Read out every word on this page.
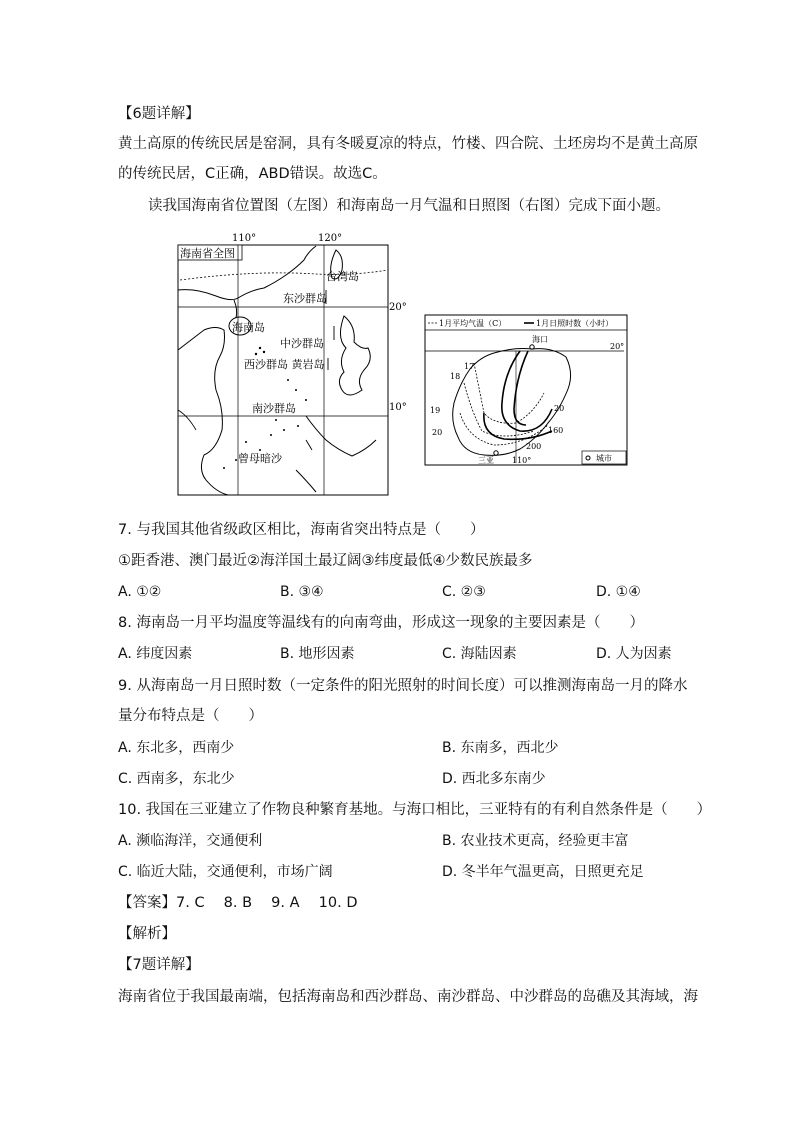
【6题详解】
黄土高原的传统民居是窑洞，具有冬暖夏凉的特点，竹楼、四合院、土坯房均不是黄土高原
的传统民居，C正确，ABD错误。故选C。
读我国海南省位置图（左图）和海南岛一月气温和日照图（右图）完成下面小题。
海南省全图
110°	120°
20°
10°
台湾岛
东沙群岛
海南岛
中沙群岛
西沙群岛 黄岩岛
南沙群岛
曾母暗沙
1月平均气温（C）	1月日照时数（小时）
20°
110°
海口
三亚
17
18
19
20
20
160
200
城市
7. 与我国其他省级政区相比，海南省突出特点是（　　）
①距香港、澳门最近②海洋国土最辽阔③纬度最低④少数民族最多
A. ①②	B. ③④	C. ②③	D. ①④
8. 海南岛一月平均温度等温线有的向南弯曲，形成这一现象的主要因素是（　　）
A. 纬度因素	B. 地形因素	C. 海陆因素	D. 人为因素
9. 从海南岛一月日照时数（一定条件的阳光照射的时间长度）可以推测海南岛一月的降水
量分布特点是（　　）
A. 东北多，西南少	B. 东南多，西北少
C. 西南多，东北少	D. 西北多东南少
10. 我国在三亚建立了作物良种繁育基地。与海口相比，三亚特有的有利自然条件是（　　）
A. 濒临海洋，交通便利	B. 农业技术更高，经验更丰富
C. 临近大陆，交通便利，市场广阔	D. 冬半年气温更高，日照更充足
【答案】7. C　 8. B　 9. A　 10. D
【解析】
【7题详解】
海南省位于我国最南端，包括海南岛和西沙群岛、南沙群岛、中沙群岛的岛礁及其海域，海
